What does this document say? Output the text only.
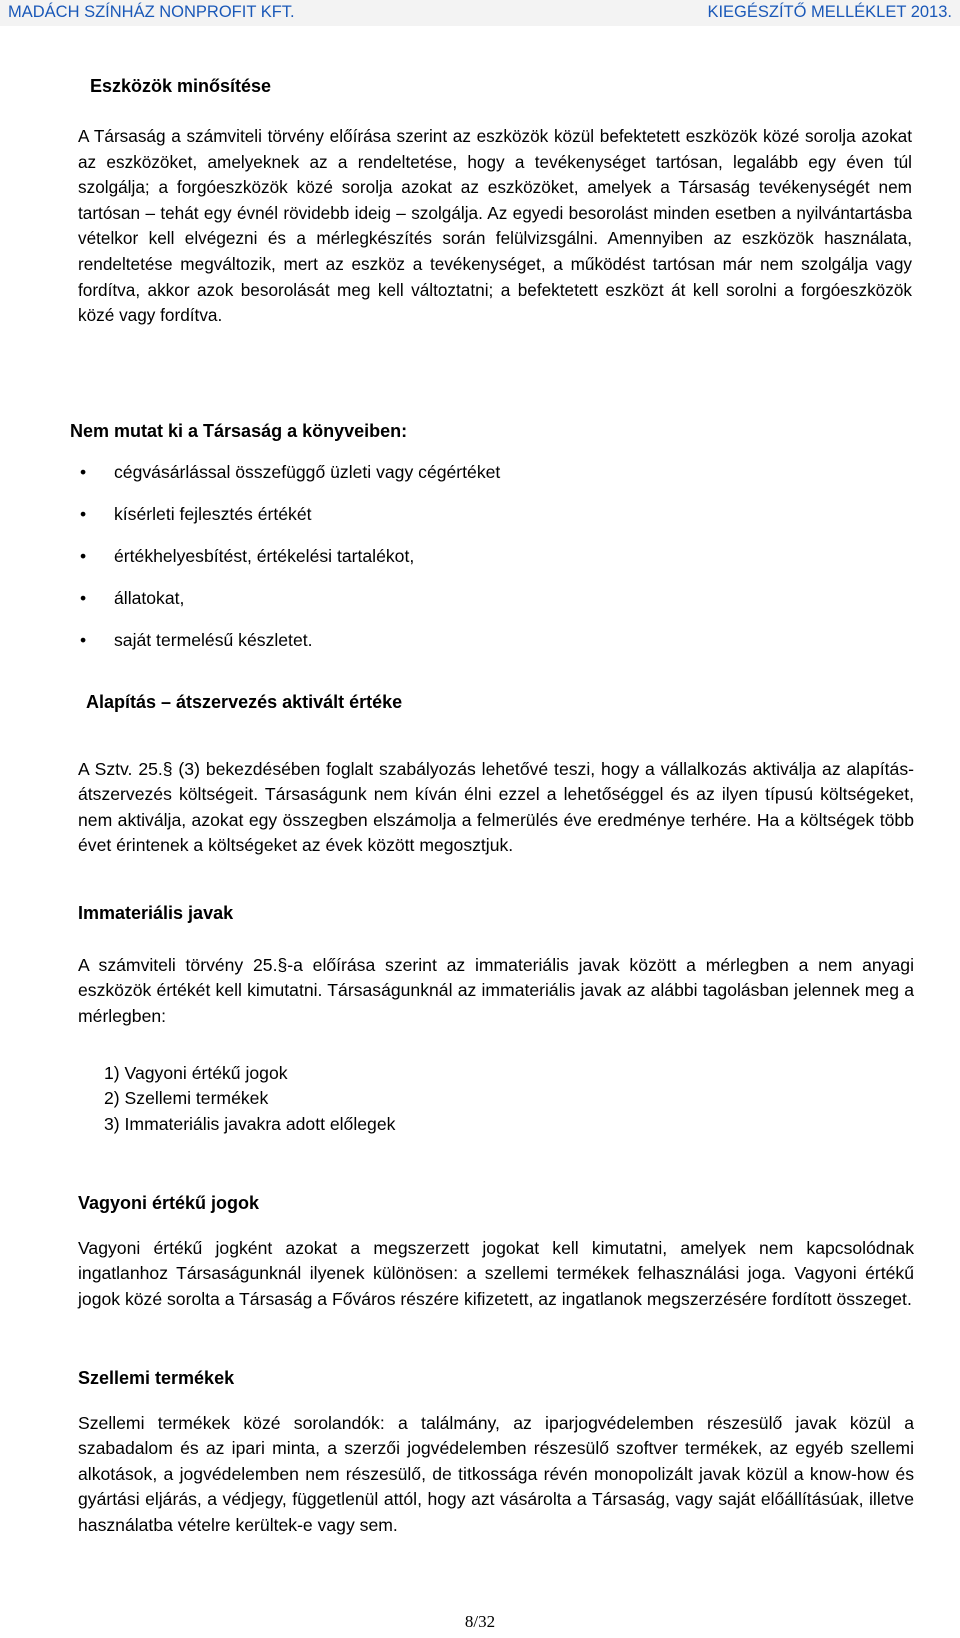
MADÁCH SZÍNHÁZ NONPROFIT KFT.	KIEGÉSZÍTŐ MELLÉKLET 2013.
Eszközök minősítése
A Társaság a számviteli törvény előírása szerint az eszközök közül befektetett eszközök közé sorolja azokat az eszközöket, amelyeknek az a rendeltetése, hogy a tevékenységet tartósan, legalább egy éven túl szolgálja; a forgóeszközök közé sorolja azokat az eszközöket, amelyek a Társaság tevékenységét nem tartósan – tehát egy évnél rövidebb ideig – szolgálja. Az egyedi besorolást minden esetben a nyilvántartásba vételkor kell elvégezni és a mérlegkészítés során felülvizsgálni. Amennyiben az eszközök használata, rendeltetése megváltozik, mert az eszköz a tevékenységet, a működést tartósan már nem szolgálja vagy fordítva, akkor azok besorolását meg kell változtatni; a befektetett eszközt át kell sorolni a forgóeszközök közé vagy fordítva.
Nem mutat ki a Társaság a könyveiben:
• cégvásárlással összefüggő üzleti vagy cégértéket
• kísérleti fejlesztés értékét
• értékhelyesbítést, értékelési tartalékot,
• állatokat,
• saját termelésű készletet.
Alapítás – átszervezés aktivált értéke
A Sztv. 25.§ (3) bekezdésében foglalt szabályozás lehetővé teszi, hogy a vállalkozás aktiválja az alapítás-átszervezés költségeit. Társaságunk nem kíván élni ezzel a lehetőséggel és az ilyen típusú költségeket, nem aktiválja, azokat egy összegben elszámolja a felmerülés éve eredménye terhére. Ha a költségek több évet érintenek a költségeket az évek között megosztjuk.
Immateriális javak
A számviteli törvény 25.§-a előírása szerint az immateriális javak között a mérlegben a nem anyagi eszközök értékét kell kimutatni. Társaságunknál az immateriális javak az alábbi tagolásban jelennek meg a mérlegben:
1) Vagyoni értékű jogok
2) Szellemi termékek
3) Immateriális javakra adott előlegek
Vagyoni értékű jogok
Vagyoni értékű jogként azokat a megszerzett jogokat kell kimutatni, amelyek nem kapcsolódnak ingatlanhoz Társaságunknál ilyenek különösen: a szellemi termékek felhasználási joga. Vagyoni értékű jogok közé sorolta a Társaság a Főváros részére kifizetett, az ingatlanok megszerzésére fordított összeget.
Szellemi termékek
Szellemi termékek közé sorolandók: a találmány, az iparjogvédelemben részesülő javak közül a szabadalom és az ipari minta, a szerzői jogvédelemben részesülő szoftver termékek, az egyéb szellemi alkotások, a jogvédelemben nem részesülő, de titkossága révén monopolizált javak közül a know-how és gyártási eljárás, a védjegy, függetlenül attól, hogy azt vásárolta a Társaság, vagy saját előállításúak, illetve használatba vételre kerültek-e vagy sem.
8/32
